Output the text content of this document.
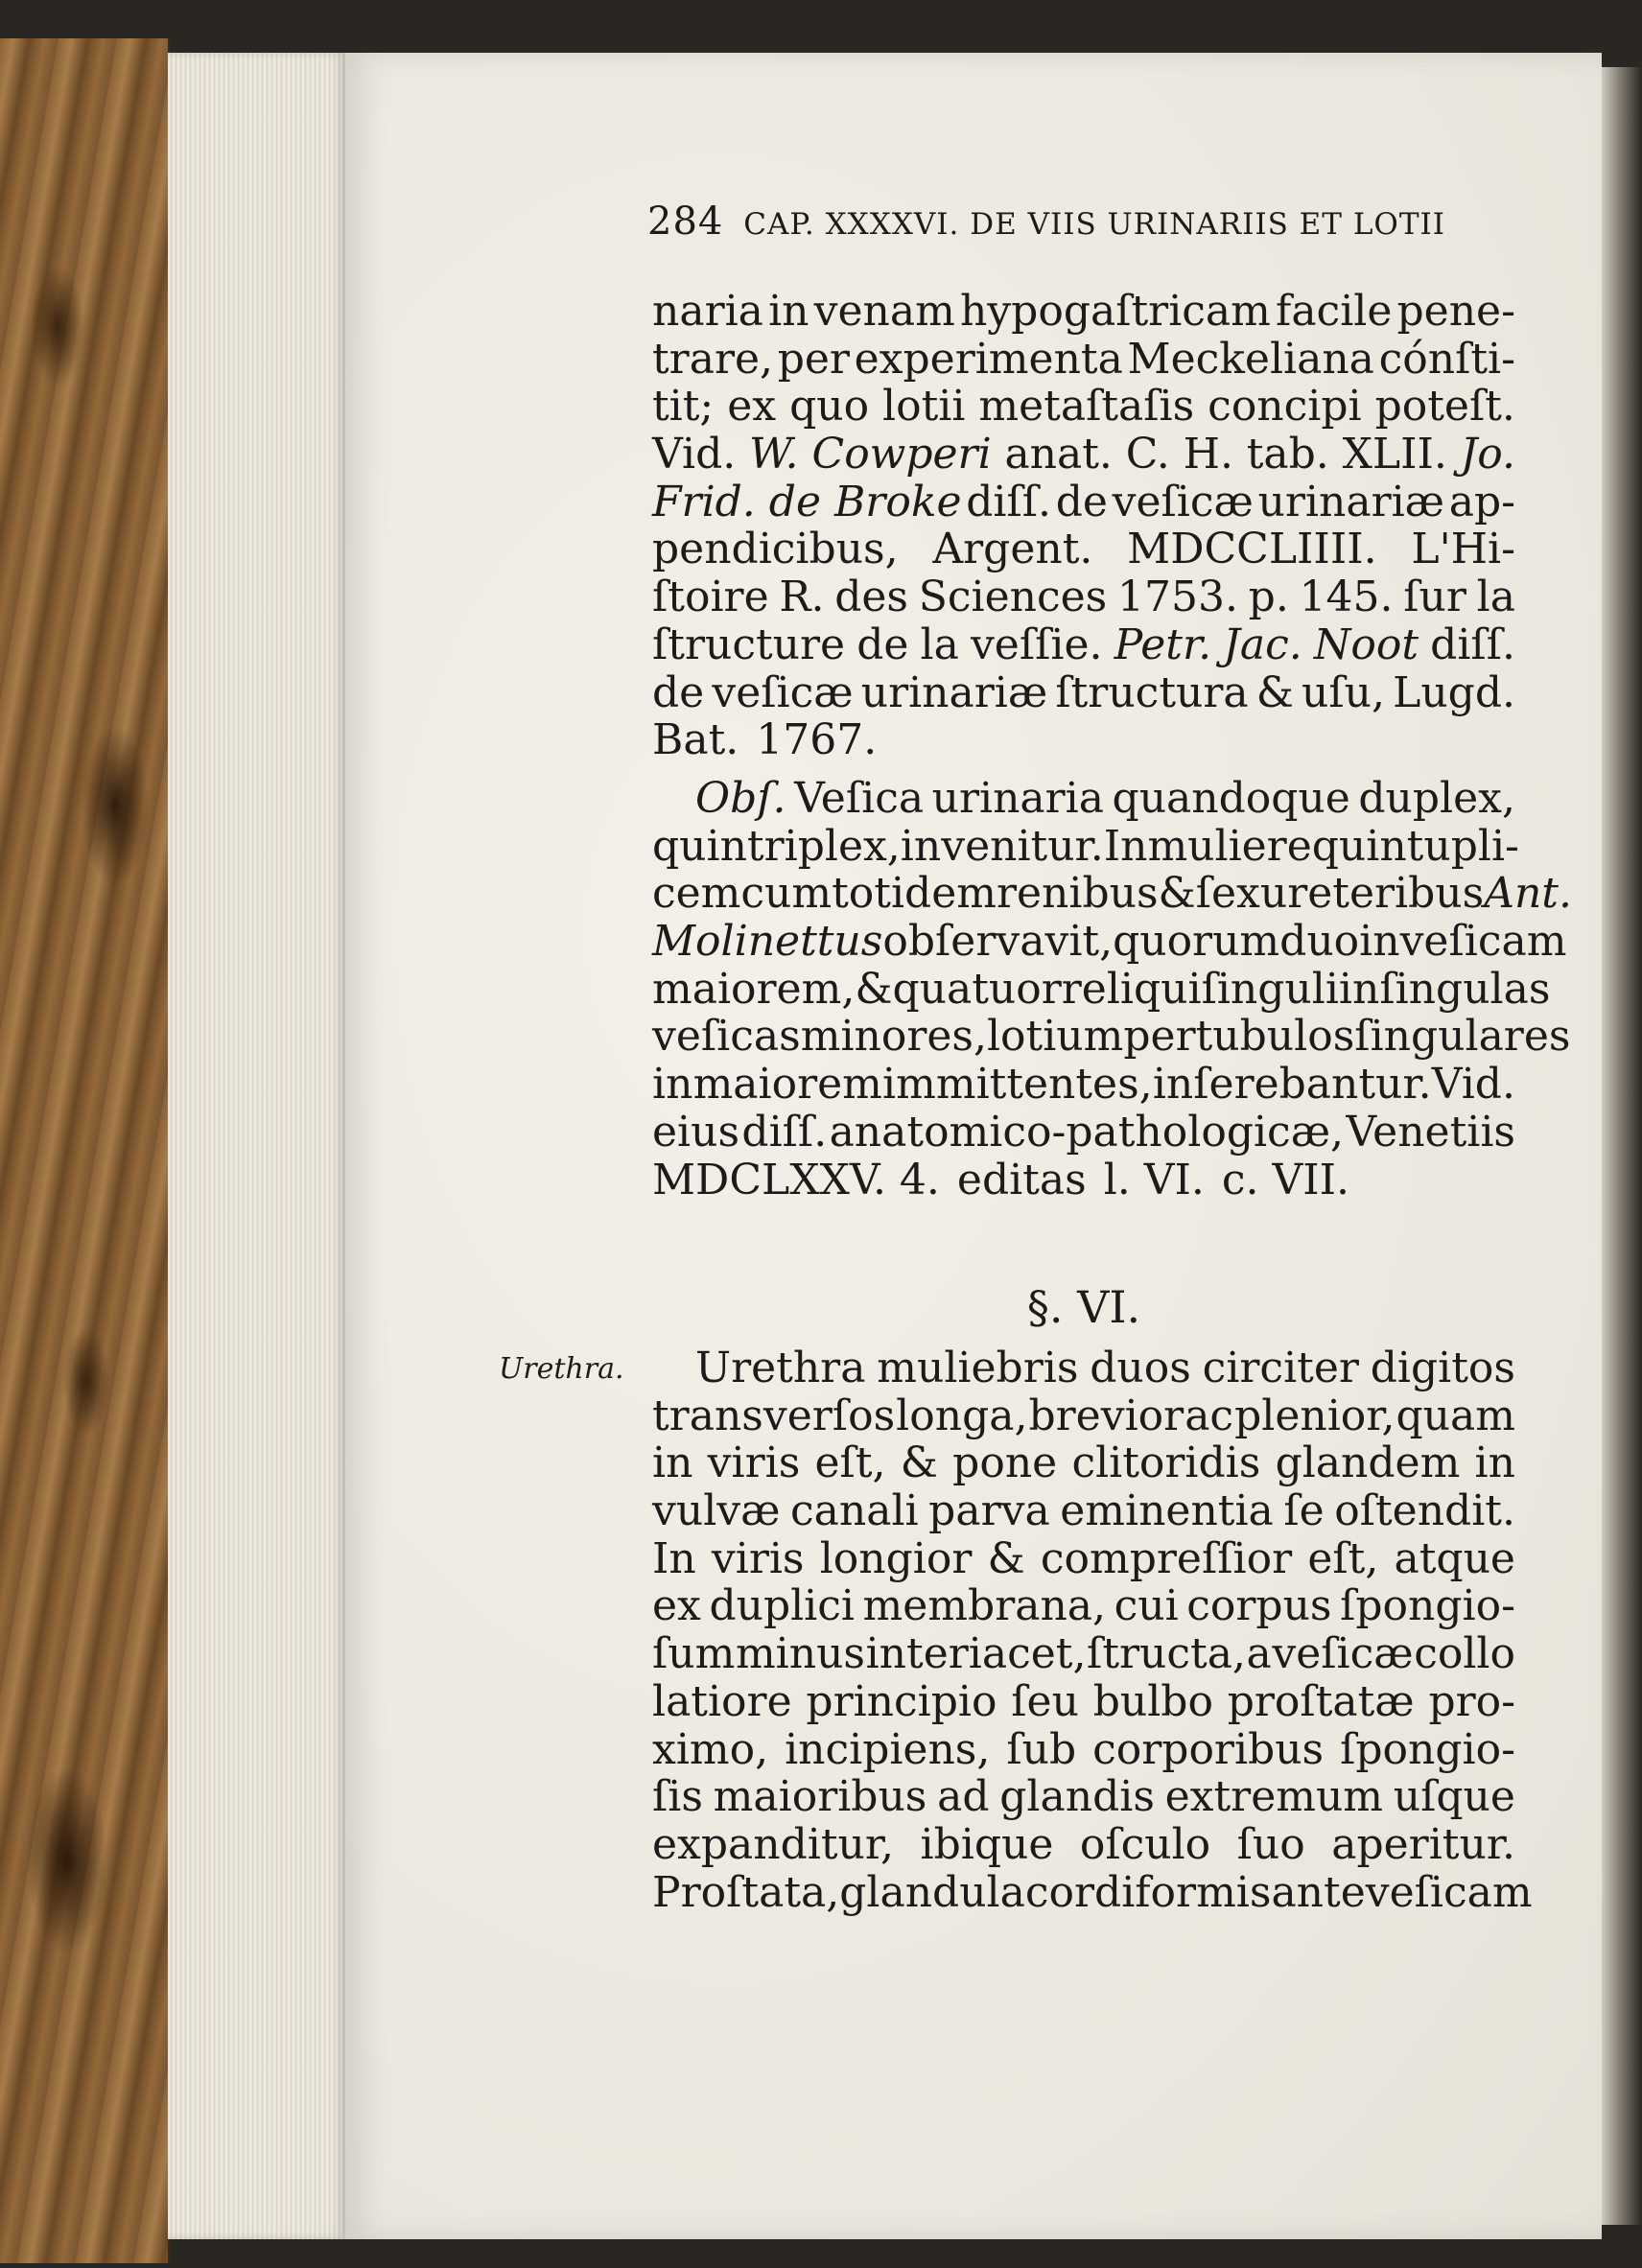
284 CAP. XXXXVI. DE VIIS URINARIIS ET LOTII
naria in venam hypogaſtricam facile pene-
trare, per experimenta Meckeliana cónſti-
tit; ex quo lotii metaſtaſis concipi poteſt.
Vid. W. Cowperi anat. C. H. tab. XLII. Jo.
Frid. de Broke diſſ. de veſicæ urinariæ ap-
pendicibus, Argent. MDCCLIIII. L'Hi-
ſtoire R. des Sciences 1753. p. 145. ſur la
ſtructure de la veſſie. Petr. Jac. Noot diſſ.
de veſicæ urinariæ ſtructura & uſu, Lugd.
Bat. 1767.
Obſ. Veſica urinaria quandoque duplex,
quin triplex, invenitur. In muliere quintupli-
cem cum totidem renibus & ſex ureteribus Ant.
Molinettus obſervavit, quorum duo in veſicam
maiorem, & quatuor reliqui ſinguli in ſingulas
veſicas minores, lotium per tubulos ſingulares
in maiorem immittentes, inſerebantur. Vid.
eius diſſ. anatomico-pathologicæ, Venetiis
MDCLXXV. 4. editas l. VI. c. VII.
§. VI.
Urethra. Urethra muliebris duos circiter digitos
transverſos longa, brevior ac plenior, quam
in viris eſt, & pone clitoridis glandem in
vulvæ canali parva eminentia ſe oſtendit.
In viris longior & compreſſior eſt, atque
ex duplici membrana, cui corpus ſpongio-
ſum minus interiacet, ſtructa, a veſicæ collo
latiore principio ſeu bulbo proſtatæ pro-
ximo, incipiens, ſub corporibus ſpongio-
ſis maioribus ad glandis extremum uſque
expanditur, ibique oſculo ſuo aperitur.
Proſtata, glandula cordiformis ante veſicam
